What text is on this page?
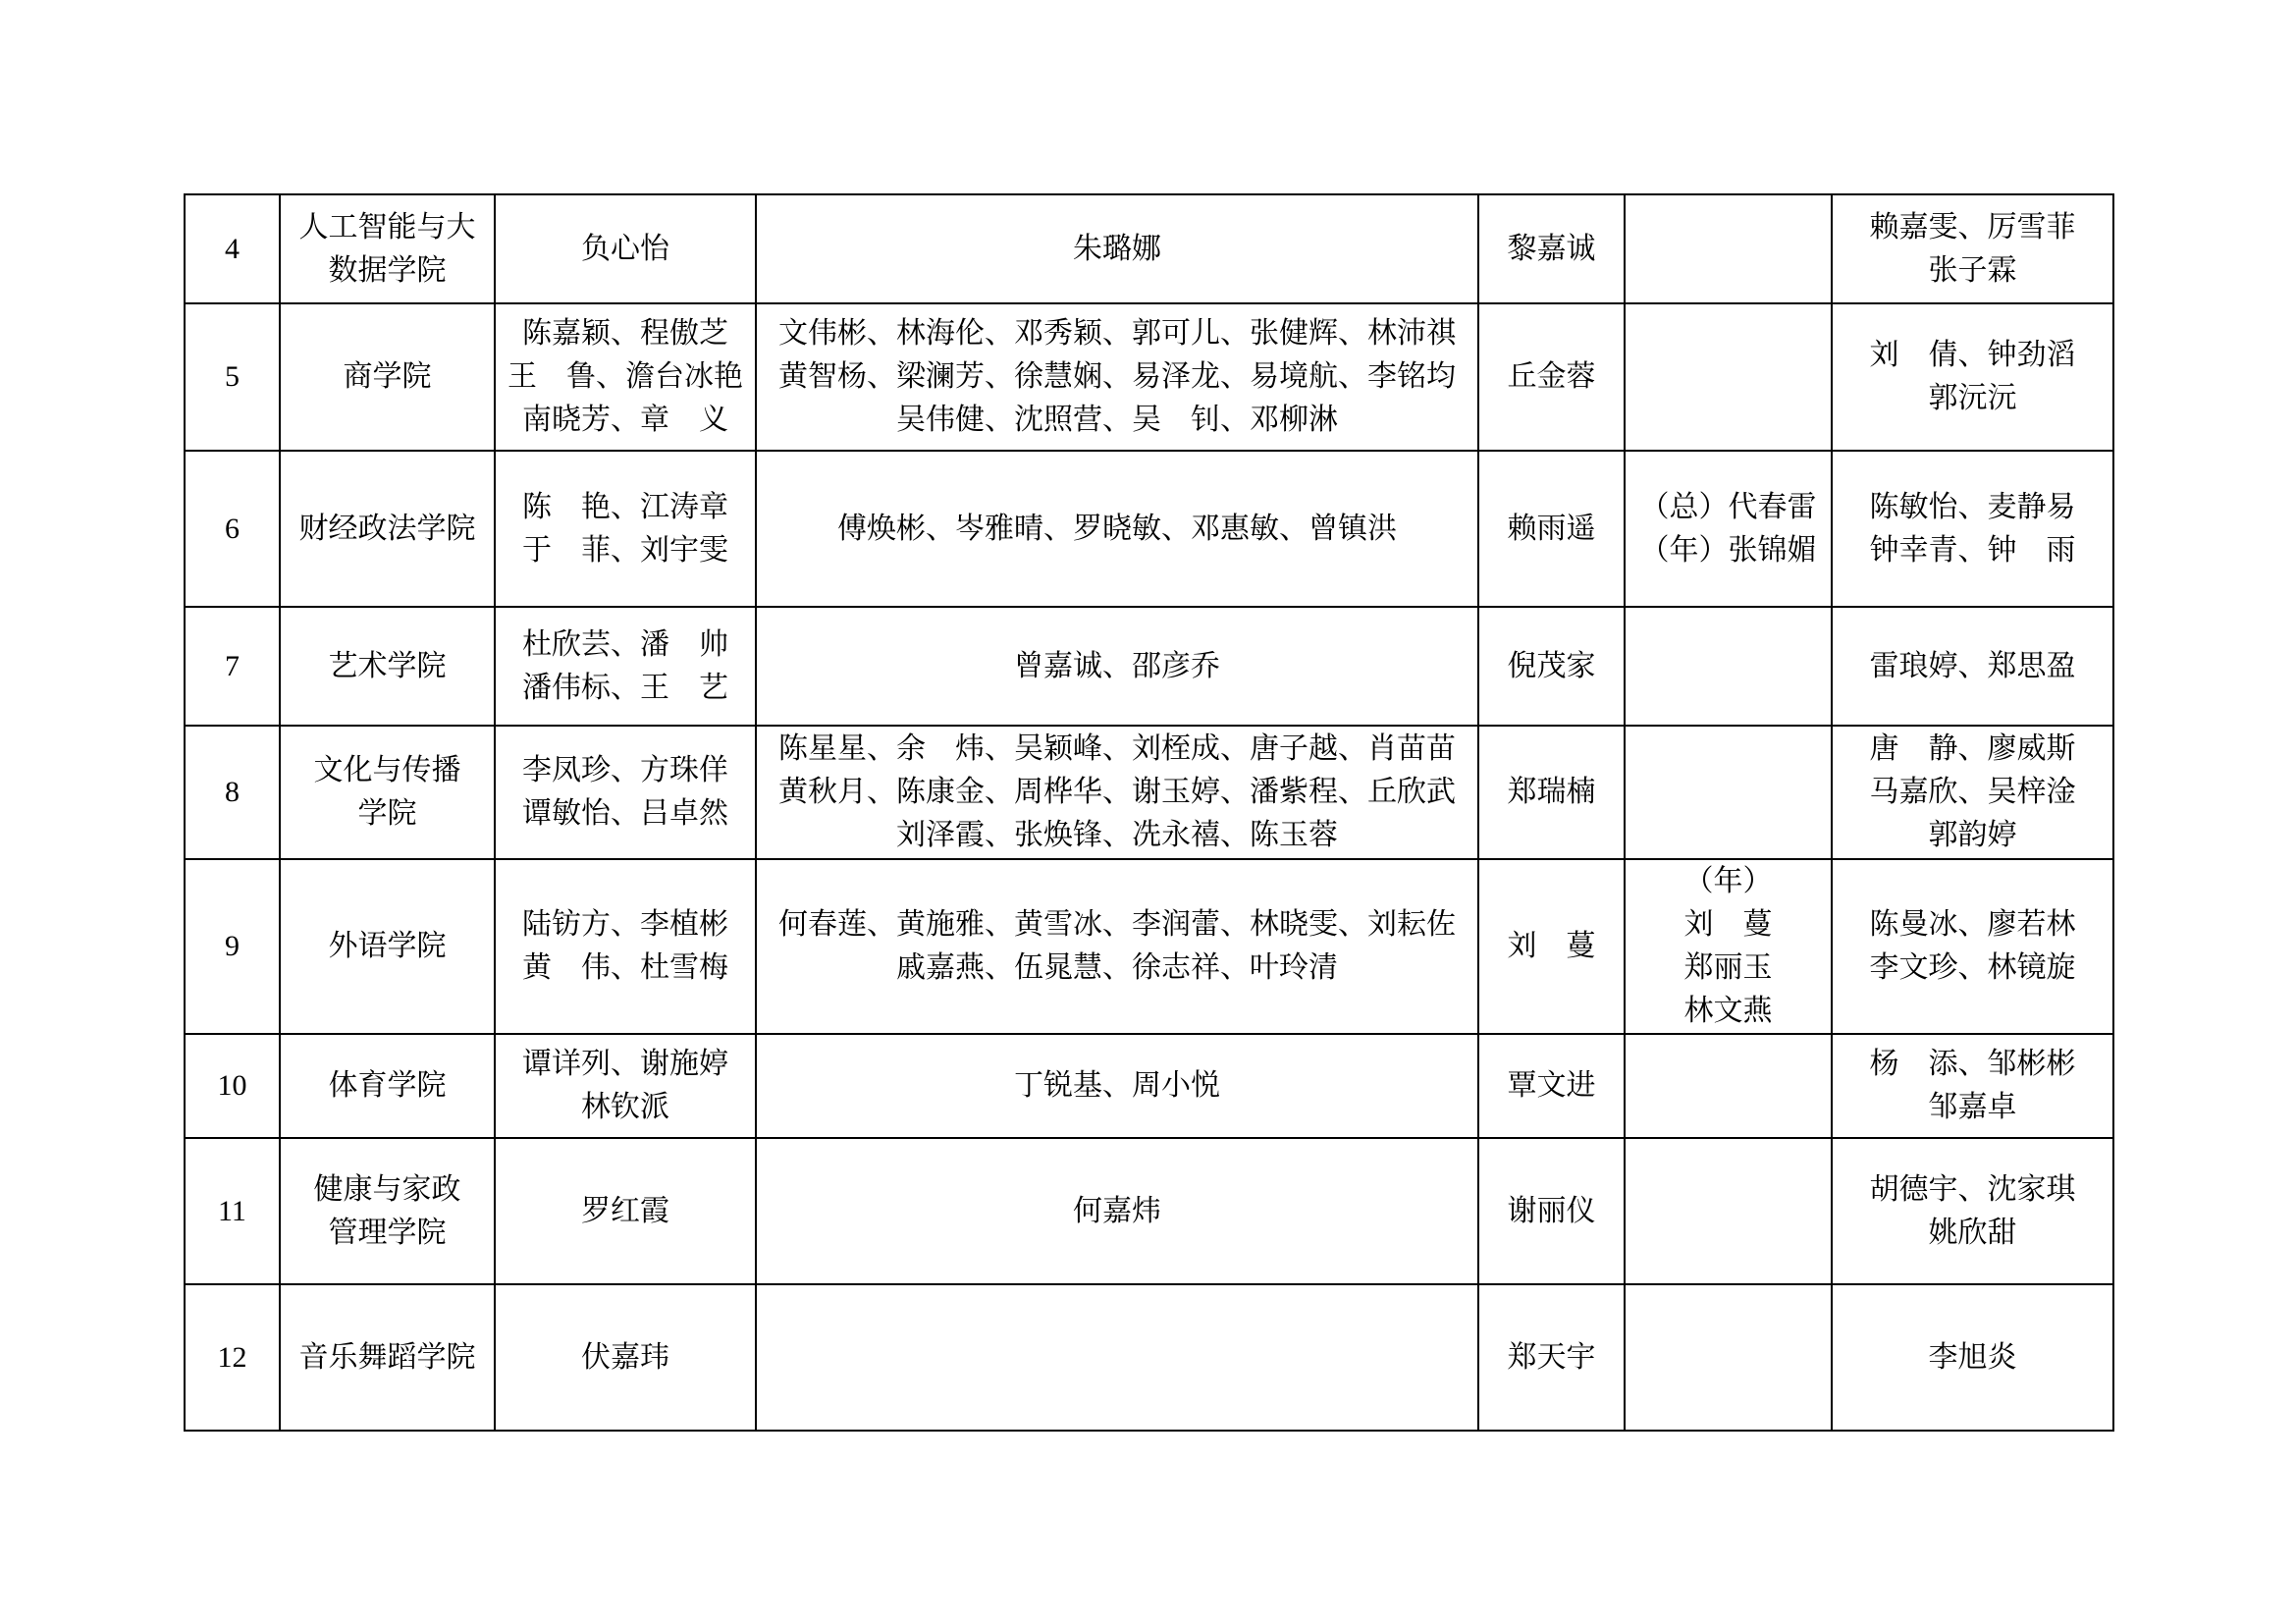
4	人工智能与大
数据学院	负心怡	朱璐娜	黎嘉诚		赖嘉雯、厉雪菲
张子霖

5	商学院	陈嘉颖、程傲芝
王　鲁、澹台冰艳
南晓芳、章　义	文伟彬、林海伦、邓秀颖、郭可儿、张健辉、林沛祺
黄智杨、梁澜芳、徐慧娴、易泽龙、易境航、李铭均
吴伟健、沈照营、吴　钊、邓柳淋	丘金蓉		刘　倩、钟劲滔
郭沅沅

6	财经政法学院	陈　艳、江涛章
于　菲、刘宇雯	傅焕彬、岑雅晴、罗晓敏、邓惠敏、曾镇洪	赖雨遥	（总）代春雷
（年）张锦媚	陈敏怡、麦静易
钟幸青、钟　雨

7	艺术学院	杜欣芸、潘　帅
潘伟标、王　艺	曾嘉诚、邵彦乔	倪茂家		雷琅婷、郑思盈

8	文化与传播
学院	李凤珍、方珠佯
谭敏怡、吕卓然	陈星星、余　炜、吴颖峰、刘桎成、唐子越、肖苗苗
黄秋月、陈康金、周桦华、谢玉婷、潘紫程、丘欣武
刘泽霞、张焕锋、冼永禧、陈玉蓉	郑瑞楠		唐　静、廖威斯
马嘉欣、吴梓淦
郭韵婷

9	外语学院	陆钫方、李植彬
黄　伟、杜雪梅	何春莲、黄施雅、黄雪冰、李润蕾、林晓雯、刘耘佐
戚嘉燕、伍晁慧、徐志祥、叶玲清	刘　蔓	（年）
刘　蔓
郑丽玉
林文燕	陈曼冰、廖若林
李文珍、林镜旋

10	体育学院	谭详列、谢施婷
林钦派	丁锐基、周小悦	覃文进		杨　添、邹彬彬
邹嘉卓

11	健康与家政
管理学院	罗红霞	何嘉炜	谢丽仪		胡德宇、沈家琪
姚欣甜

12	音乐舞蹈学院	伏嘉玮		郑天宇		李旭炎
